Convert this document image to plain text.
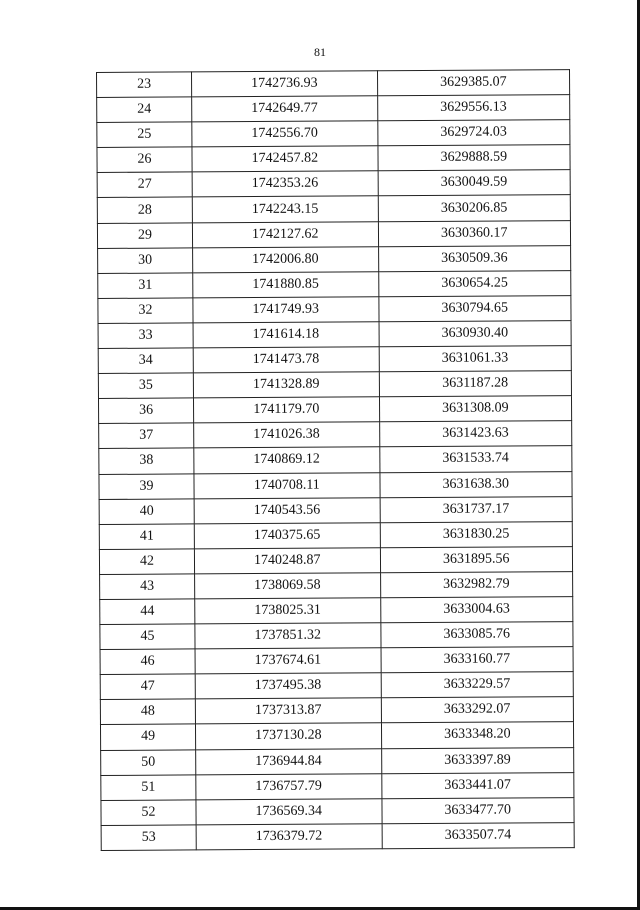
81
23	1742736.93	3629385.07
24	1742649.77	3629556.13
25	1742556.70	3629724.03
26	1742457.82	3629888.59
27	1742353.26	3630049.59
28	1742243.15	3630206.85
29	1742127.62	3630360.17
30	1742006.80	3630509.36
31	1741880.85	3630654.25
32	1741749.93	3630794.65
33	1741614.18	3630930.40
34	1741473.78	3631061.33
35	1741328.89	3631187.28
36	1741179.70	3631308.09
37	1741026.38	3631423.63
38	1740869.12	3631533.74
39	1740708.11	3631638.30
40	1740543.56	3631737.17
41	1740375.65	3631830.25
42	1740248.87	3631895.56
43	1738069.58	3632982.79
44	1738025.31	3633004.63
45	1737851.32	3633085.76
46	1737674.61	3633160.77
47	1737495.38	3633229.57
48	1737313.87	3633292.07
49	1737130.28	3633348.20
50	1736944.84	3633397.89
51	1736757.79	3633441.07
52	1736569.34	3633477.70
53	1736379.72	3633507.74
